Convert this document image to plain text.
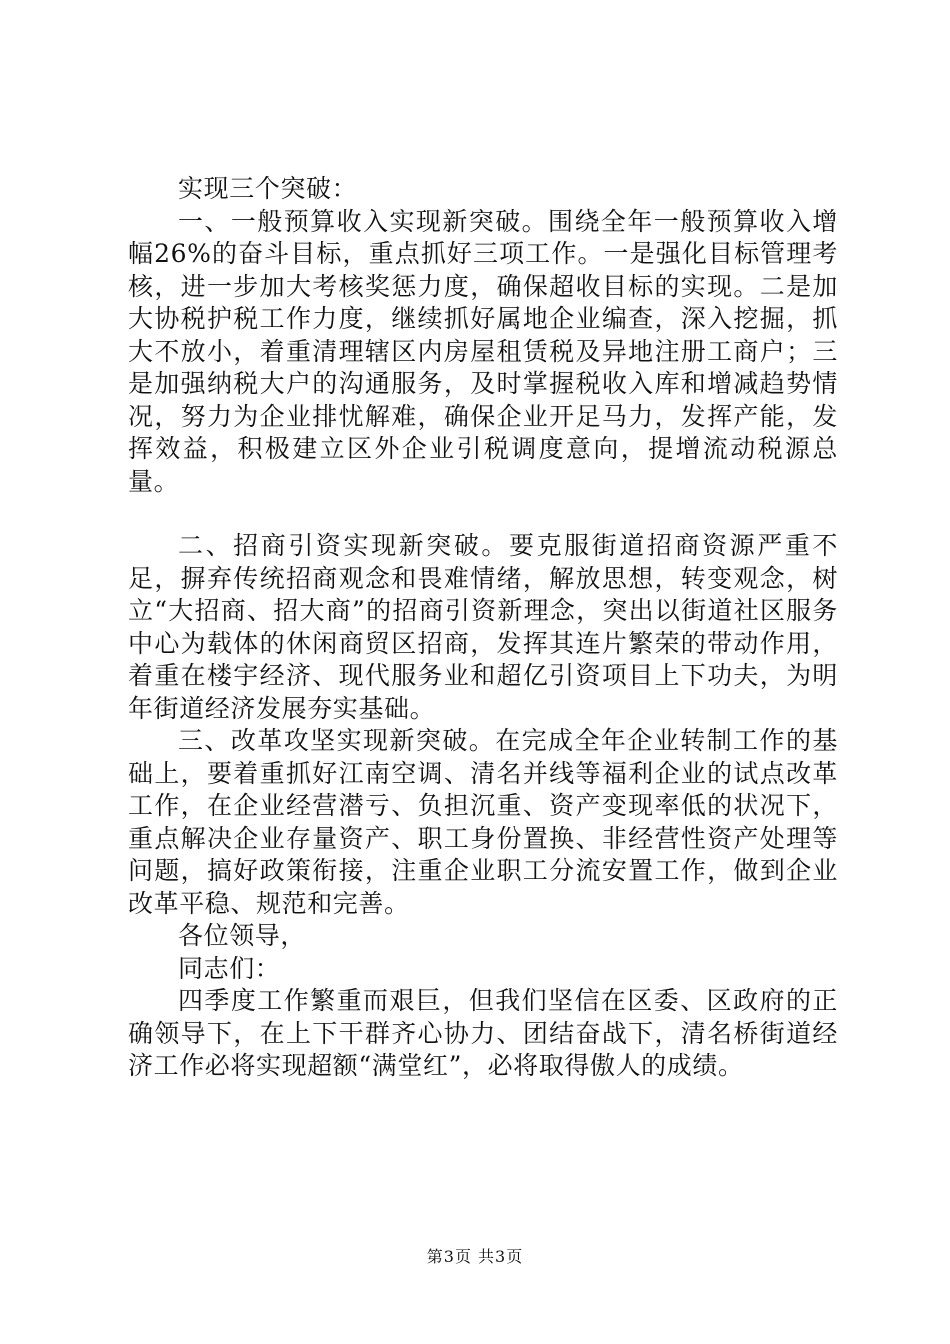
实现三个突破：

一、一般预算收入实现新突破。围绕全年一般预算收入增幅26%的奋斗目标，重点抓好三项工作。一是强化目标管理考核，进一步加大考核奖惩力度，确保超收目标的实现。二是加大协税护税工作力度，继续抓好属地企业编查，深入挖掘，抓大不放小，着重清理辖区内房屋租赁税及异地注册工商户；三是加强纳税大户的沟通服务，及时掌握税收入库和增减趋势情况，努力为企业排忧解难，确保企业开足马力，发挥产能，发挥效益，积极建立区外企业引税调度意向，提增流动税源总量。

二、招商引资实现新突破。要克服街道招商资源严重不足，摒弃传统招商观念和畏难情绪，解放思想，转变观念，树立“大招商、招大商”的招商引资新理念，突出以街道社区服务中心为载体的休闲商贸区招商，发挥其连片繁荣的带动作用，着重在楼宇经济、现代服务业和超亿引资项目上下功夫，为明年街道经济发展夯实基础。

三、改革攻坚实现新突破。在完成全年企业转制工作的基础上，要着重抓好江南空调、清名并线等福利企业的试点改革工作，在企业经营潜亏、负担沉重、资产变现率低的状况下，重点解决企业存量资产、职工身份置换、非经营性资产处理等问题，搞好政策衔接，注重企业职工分流安置工作，做到企业改革平稳、规范和完善。

各位领导，

同志们：

四季度工作繁重而艰巨，但我们坚信在区委、区政府的正确领导下，在上下干群齐心协力、团结奋战下，清名桥街道经济工作必将实现超额“满堂红”，必将取得傲人的成绩。

第3页 共3页
